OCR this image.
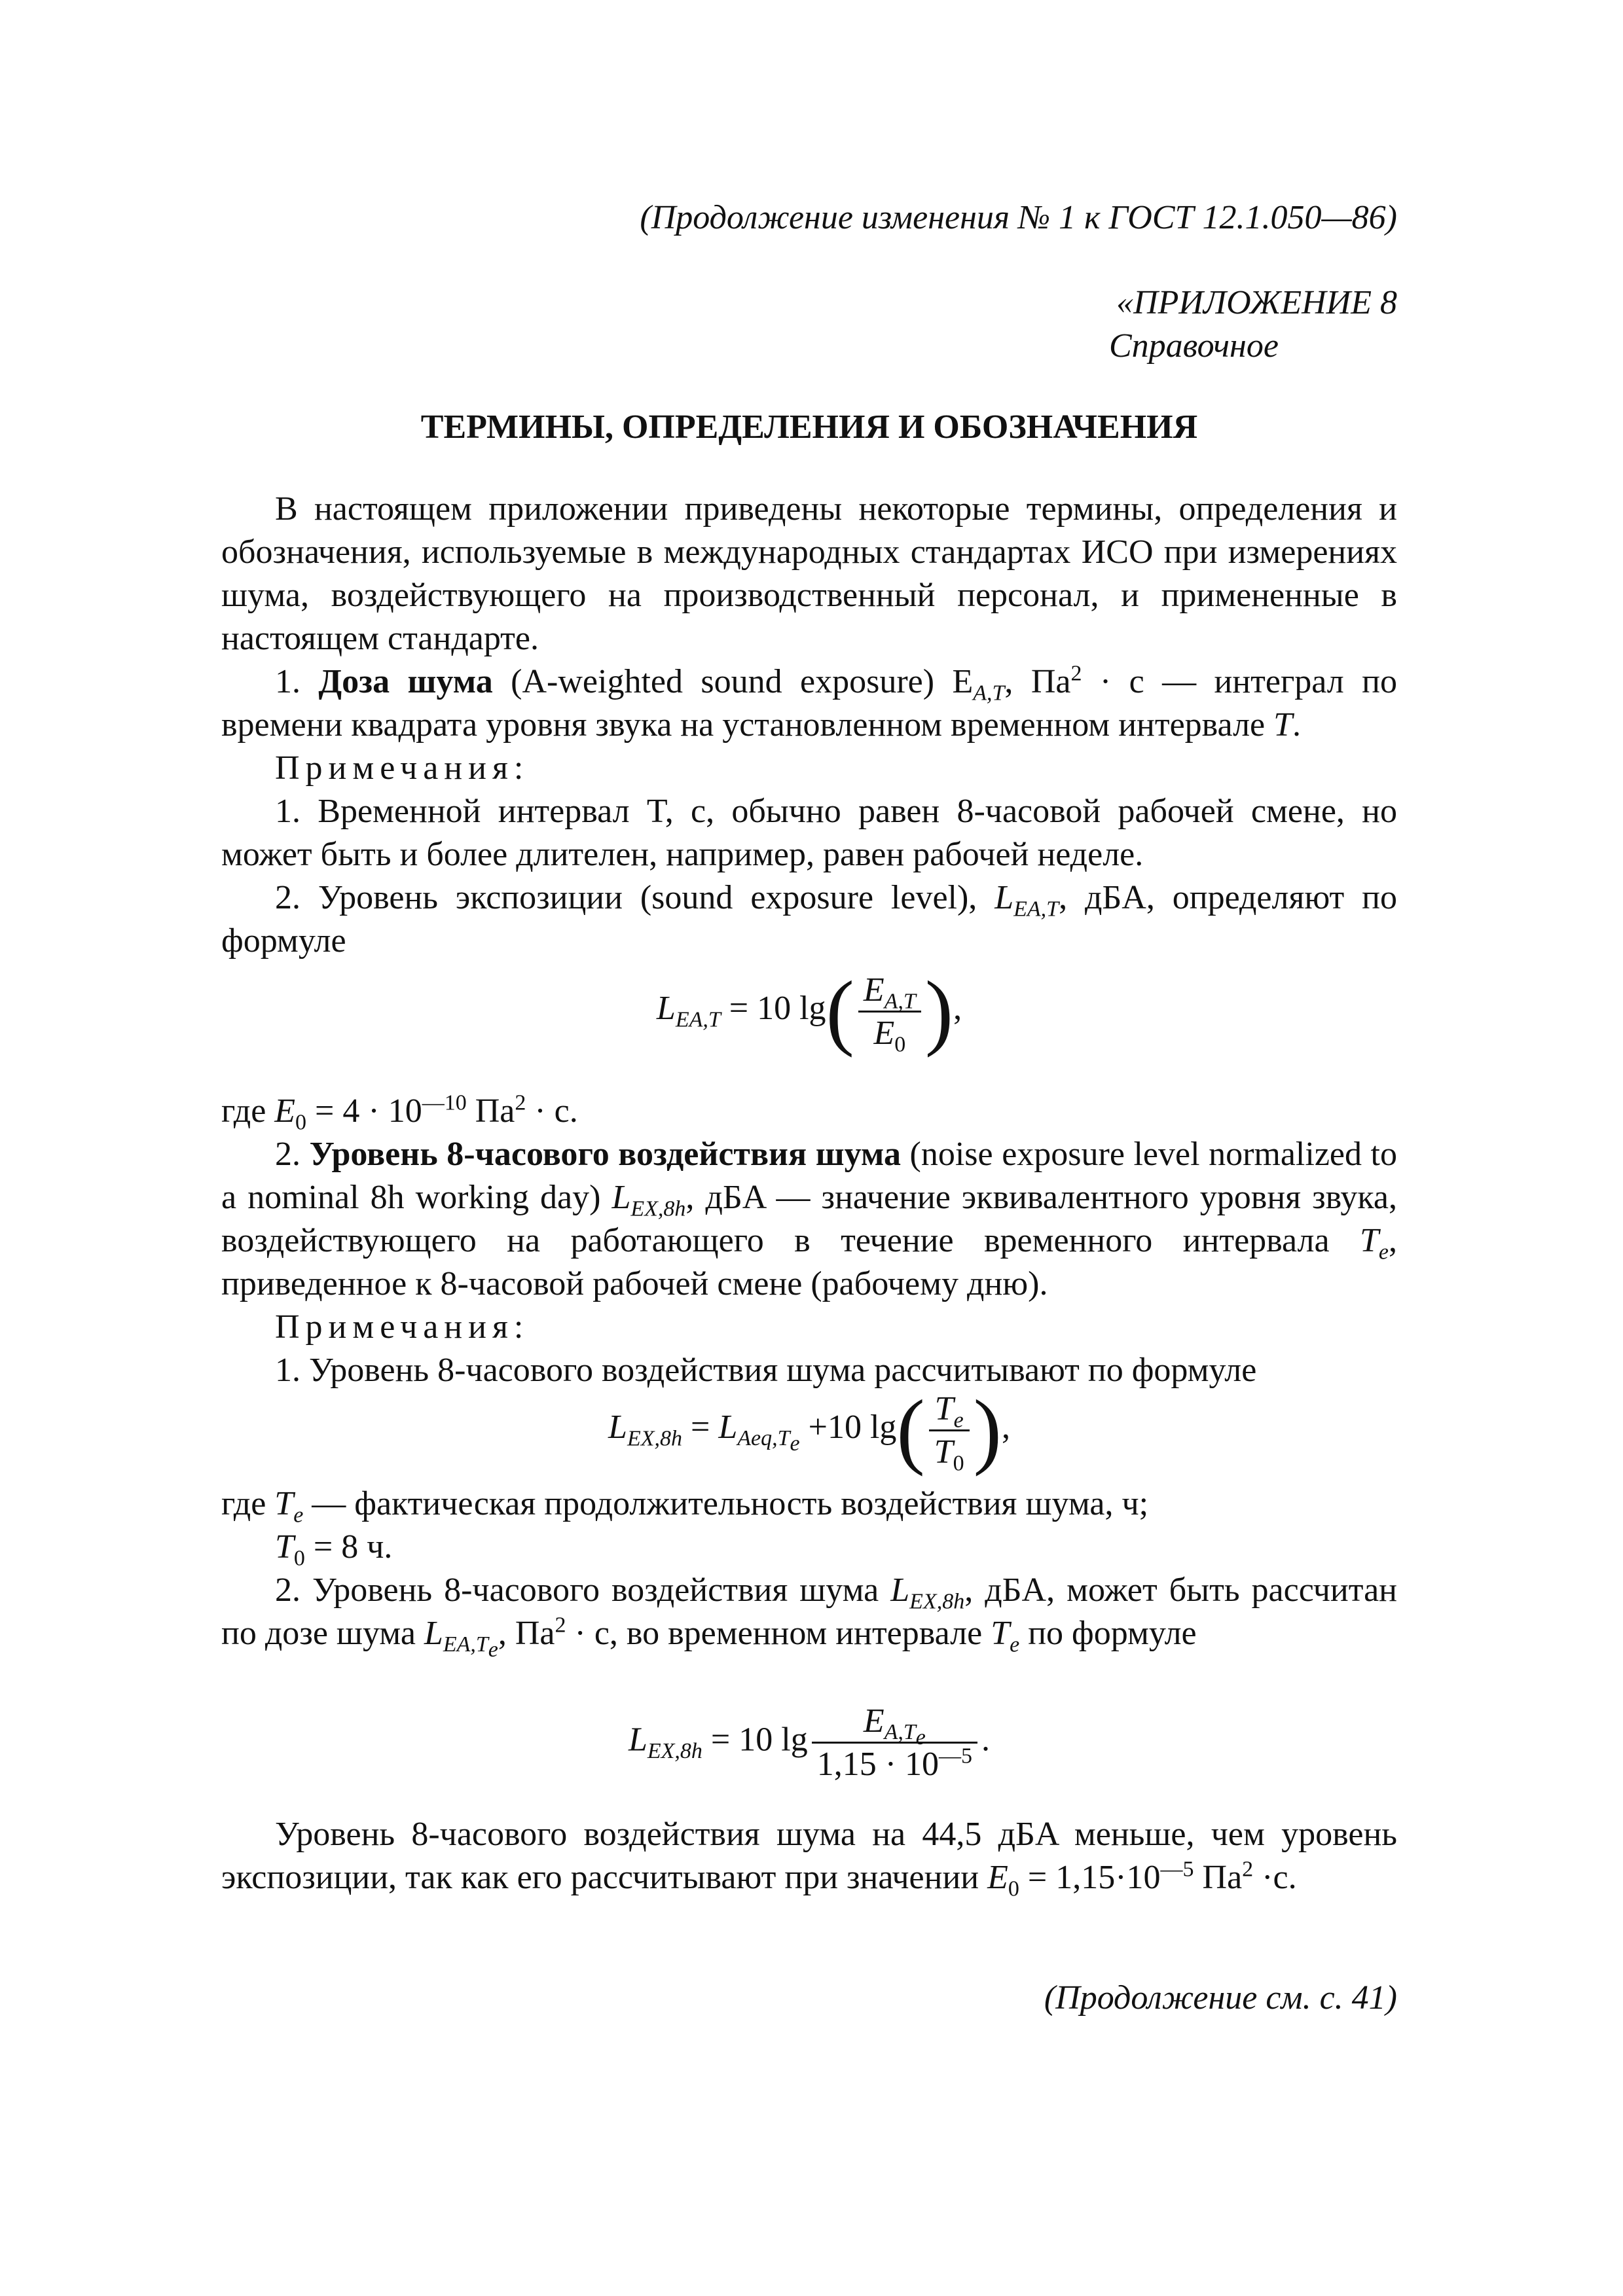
(Продолжение изменения № 1 к ГОСТ 12.1.050—86)

«ПРИЛОЖЕНИЕ 8

Справочное

ТЕРМИНЫ, ОПРЕДЕЛЕНИЯ И ОБОЗНАЧЕНИЯ

В настоящем приложении приведены некоторые термины, определения и обозначения, используемые в международных стандартах ИСО при измерениях шума, воздействующего на производственный персонал, и примененные в настоящем стандарте.

1. Доза шума (A-weighted sound exposure) $E_{A,T}$, $Па^2 \cdot с$ — интеграл по времени квадрата уровня звука на установленном временном интервале T.

Примечания:

1. Временной интервал T, с, обычно равен 8-часовой рабочей смене, но может быть и более длителен, например, равен рабочей неделе.

2. Уровень экспозиции (sound exposure level), $L_{EA,T}$, дБA, определяют по формуле

$L_{EA,T} = 10$ $\lg( \frac{E_{A,T}}{E_0}$ ),

где $E_0 = 4 \cdot 10^{—10}$ $Па^2 \cdot с$.

2. Уровень 8-часового воздействия шума (noise exposure level normalized to a nominal 8h working day) $L_{EX,8h}$, дБA — значение эквивалентного уровня звука, воздействующего на работающего в течение временного интервала $T_e$, приведенное к 8-часовой рабочей смене (рабочему дню).

Примечания:

1. Уровень 8-часового воздействия шума рассчитывают по формуле

$L_{EX,8h} = L_{Aeq,T_e} +10$ $\lg( \frac{T_e}{T_0}$ ),

где $T_e$ — фактическая продолжительность воздействия шума, ч;

$T_0 = 8$ ч.

2. Уровень 8-часового воздействия шума $L_{EX,8h}$, дБA, может быть рассчитан по дозе шума $L_{EA,T_e}$, $Па^2 \cdot с$, во временном интервале $T_e$ по формуле

$L_{EX,8h} = 10$ $\lg \frac{E_{A,T_e}}{1,15 \cdot 10^{—5}}$ .

Уровень 8-часового воздействия шума на 44,5 дБA меньше, чем уровень экспозиции, так как его рассчитывают при значении $E_0 = 1,15\cdot 10^{—5}$ $Па^2 \cdot с$.

(Продолжение см. с. 41)
